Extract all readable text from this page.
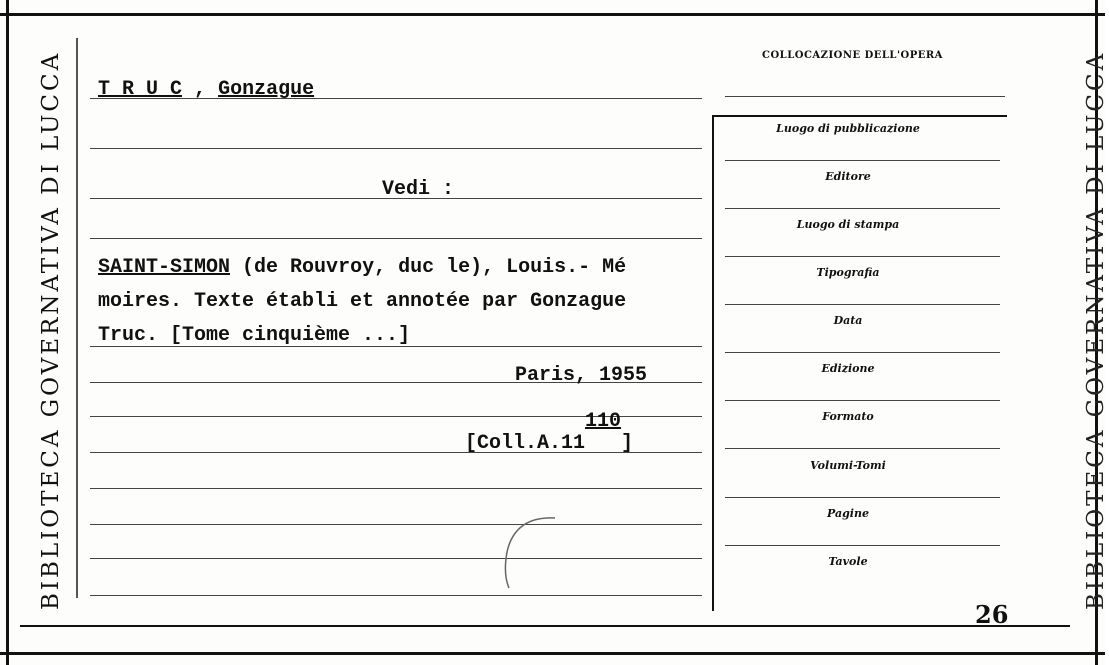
BIBLIOTECA GOVERNATIVA DI LUCCA	BIBLIOTECA GOVERNATIVA DI LUCCA
COLLOCAZIONE DELL'OPERA
Luogo di pubblicazione
Editore
Luogo di stampa
Tipografia
Data
Edizione
Formato
Volumi-Tomi
Pagine
Tavole
T R U C , Gonzague
Vedi :
SAINT-SIMON (de Rouvroy, duc le), Louis.- Mé
moires. Texte établi et annotée par Gonzague
Truc. [Tome cinquième ...]
Paris, 1955
[Coll.A.11110]
26
